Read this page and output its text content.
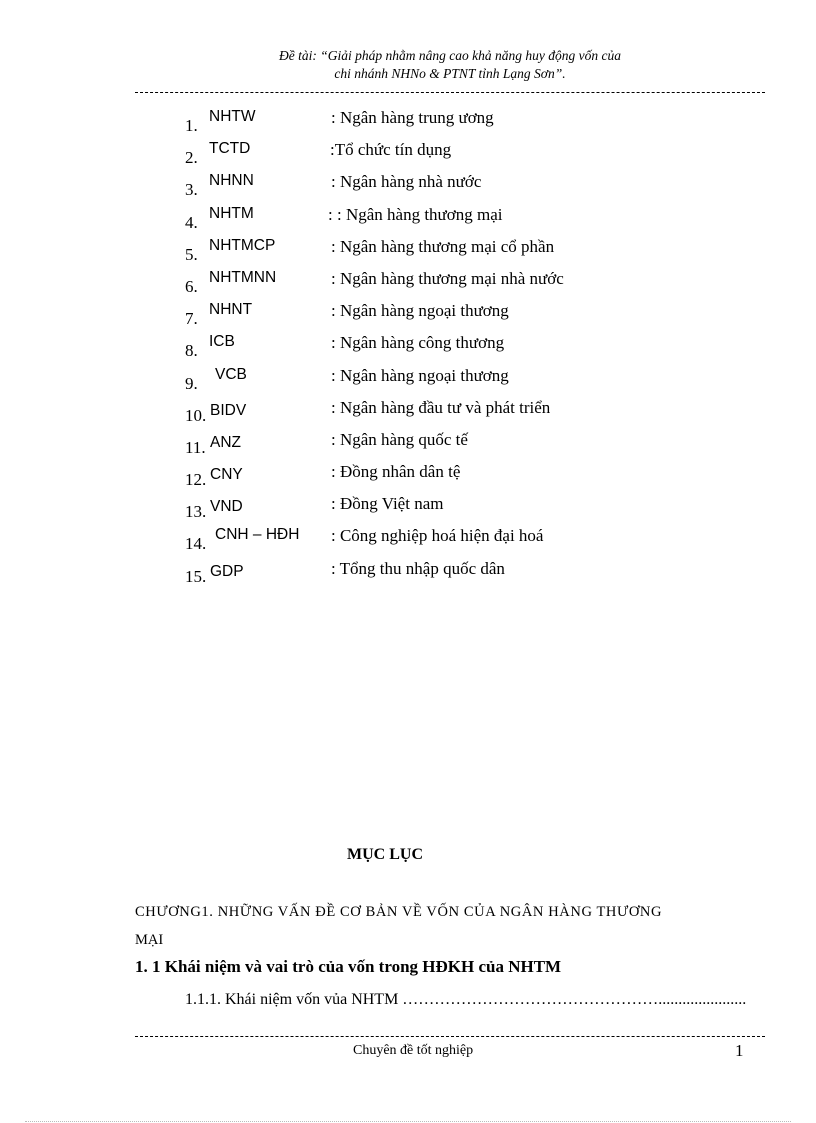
Đề tài: “Giải pháp nhằm nâng cao khả năng huy động vốn của
chi nhánh NHNo & PTNT tỉnh Lạng Sơn”.
1. NHTW	: Ngân hàng trung ương
2. TCTD	:Tổ chức tín dụng
3. NHNN	: Ngân hàng nhà nước
4. NHTM	: : Ngân hàng thương mại
5. NHTMCP	: Ngân hàng thương mại cổ phần
6. NHTMNN	: Ngân hàng thương mại nhà nước
7. NHNT	: Ngân hàng ngoại thương
8. ICB	: Ngân hàng công thương
9. VCB	: Ngân hàng ngoại thương
10. BIDV	: Ngân hàng đầu tư và phát triển
11. ANZ	: Ngân hàng quốc tế
12. CNY	: Đồng nhân dân tệ
13. VND	: Đồng Việt nam
14. CNH – HĐH : Công nghiệp hoá hiện đại hoá
15. GDP	: Tổng thu nhập quốc dân
MỤC LỤC
CHƯƠNG1. NHỮNG VẤN ĐỀ CƠ BẢN VỀ VỐN CỦA NGÂN HÀNG THƯƠNG
MẠI
1. 1 Khái niệm và vai trò của vốn trong HĐKH của NHTM
1.1.1. Khái niệm vốn vủa NHTM …………………………………………......................
Chuyên đề tốt nghiệp	1
